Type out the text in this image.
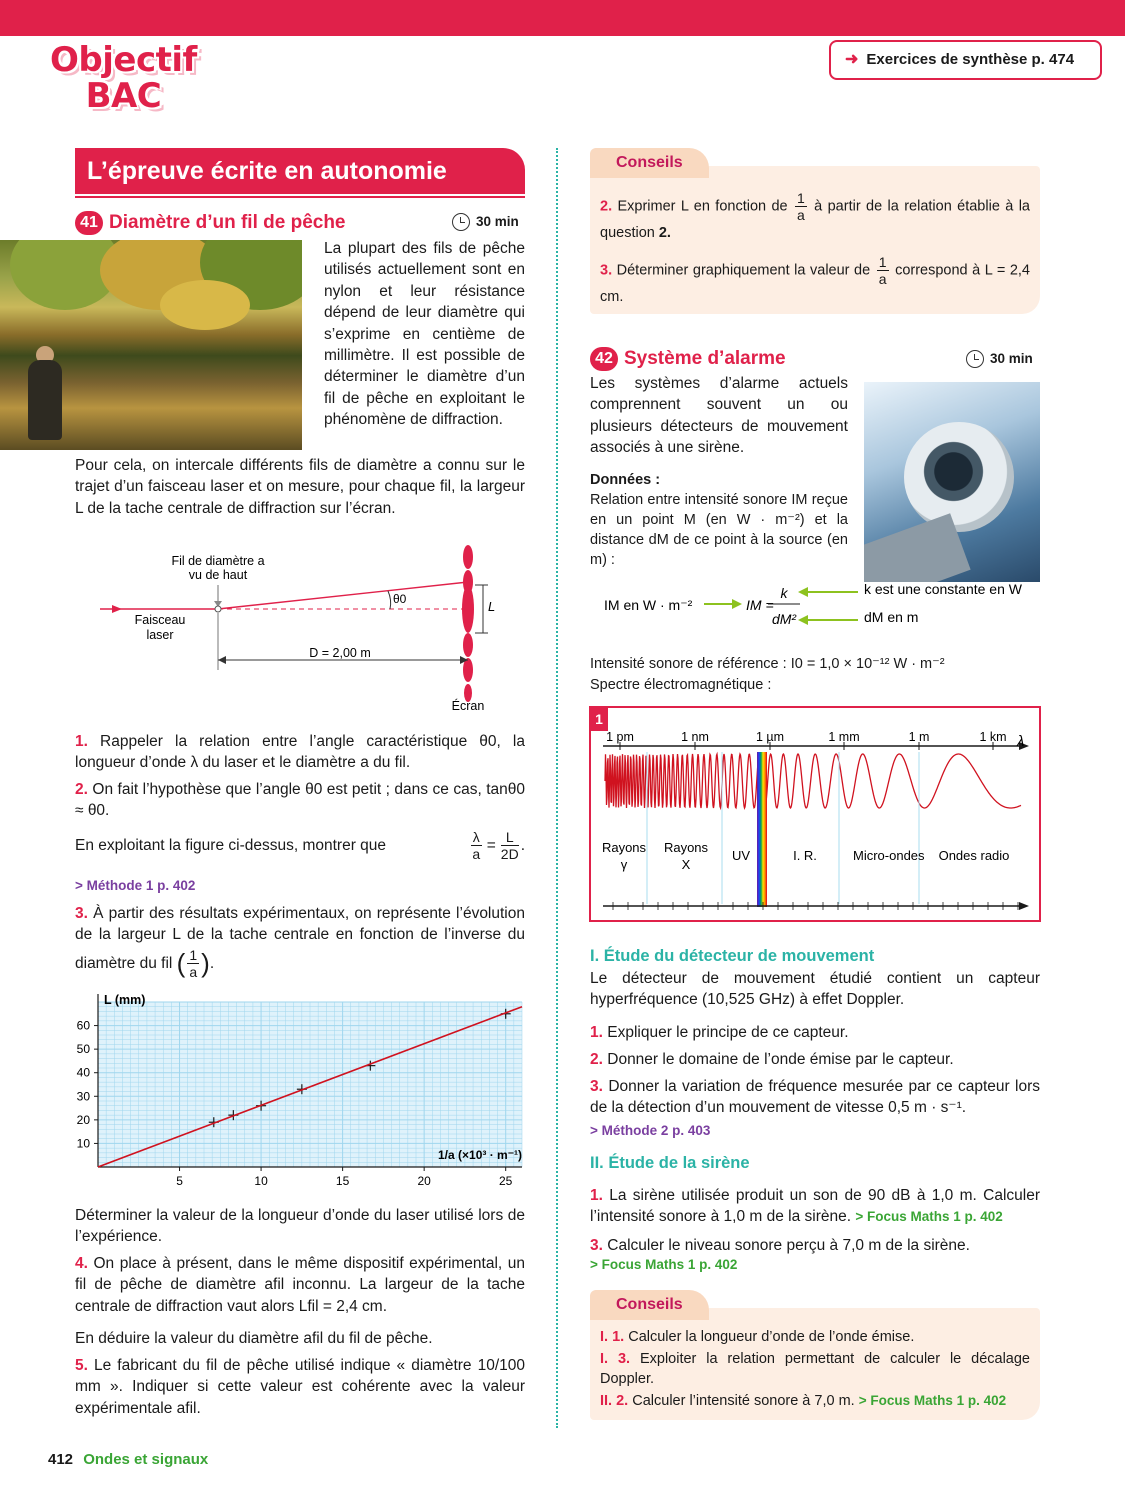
Objectif
BAC
➜ Exercices de synthèse p. 474
L’épreuve écrite en autonomie
41 Diamètre d’un fil de pêche	30 min
La plupart des fils de pêche utilisés actuellement sont en nylon et leur résistance dépend de leur diamètre qui s’exprime en centième de millimètre. Il est possible de déterminer le diamètre d’un fil de pêche en exploitant le phénomène de diffraction.
Pour cela, on intercale différents fils de diamètre a connu sur le trajet d’un faisceau laser et on mesure, pour chaque fil, la largeur L de la tache centrale de diffraction sur l’écran.
Fil de diamètre a
vu de haut
θ0	L
Faisceau
laser
D = 2,00 m
Écran
1. Rappeler la relation entre l’angle caractéristique θ0, la longueur d’onde λ du laser et le diamètre a du fil.
2. On fait l’hypothèse que l’angle θ0 est petit ; dans ce cas, tanθ0 ≈ θ0.
En exploitant la figure ci-dessus, montrer que	$\frac{\lambda}{a} = \frac{L}{2D}$ .
> Méthode 1 p. 402
3. À partir des résultats expérimentaux, on représente l’évolution de la largeur L de la tache centrale en fonction de l’inverse du diamètre du fil ( $\frac{1}{a}$ ).
5	10	15	20	25
10
20
30
40
50
60
L (mm)
1/a (×10³ · m⁻¹)
Déterminer la valeur de la longueur d’onde du laser utilisé lors de l’expérience.
4. On place à présent, dans le même dispositif expérimental, un fil de pêche de diamètre afil inconnu. La largeur de la tache centrale de diffraction vaut alors Lfil = 2,4 cm.
En déduire la valeur du diamètre afil du fil de pêche.
5. Le fabricant du fil de pêche utilisé indique « diamètre 10/100 mm ». Indiquer si cette valeur est cohérente avec la valeur expérimentale afil.
Conseils
2. Exprimer L en fonction de $\frac{1}{a}$ à partir de la relation établie à la question 2.
3. Déterminer graphiquement la valeur de $\frac{1}{a}$ correspond à L = 2,4 cm.
42 Système d’alarme	30 min
Les systèmes d’alarme actuels comprennent souvent un ou plusieurs détecteurs de mouvement associés à une sirène.
Données :
Relation entre intensité sonore IM reçue en un point M (en W · m⁻²) et la distance dM de ce point à la source (en m) :
IM en W · m⁻²	IM =
k
dM²
k est une constante en W
dM en m
Intensité sonore de référence : I0 = 1,0 × 10⁻¹² W · m⁻²
Spectre électromagnétique :
1
1 pm	1 nm	1 µm	1 mm	1 m	1 km λ
Rayons
γ
Rayons
X
UV	I. R.	Micro-ondes Ondes radio
I. Étude du détecteur de mouvement
Le détecteur de mouvement étudié contient un capteur hyperfréquence (10,525 GHz) à effet Doppler.
1. Expliquer le principe de ce capteur.
2. Donner le domaine de l’onde émise par le capteur.
3. Donner la variation de fréquence mesurée par ce capteur lors de la détection d’un mouvement de vitesse 0,5 m · s⁻¹.
> Méthode 2 p. 403
II. Étude de la sirène
1. La sirène utilisée produit un son de 90 dB à 1,0 m. Calculer l’intensité sonore à 1,0 m de la sirène. > Focus Maths 1 p. 402
3. Calculer le niveau sonore perçu à 7,0 m de la sirène.
> Focus Maths 1 p. 402
Conseils
I. 1. Calculer la longueur d’onde de l’onde émise.
I. 3. Exploiter la relation permettant de calculer le décalage Doppler.
II. 2. Calculer l’intensité sonore à 7,0 m. > Focus Maths 1 p. 402
412 Ondes et signaux
